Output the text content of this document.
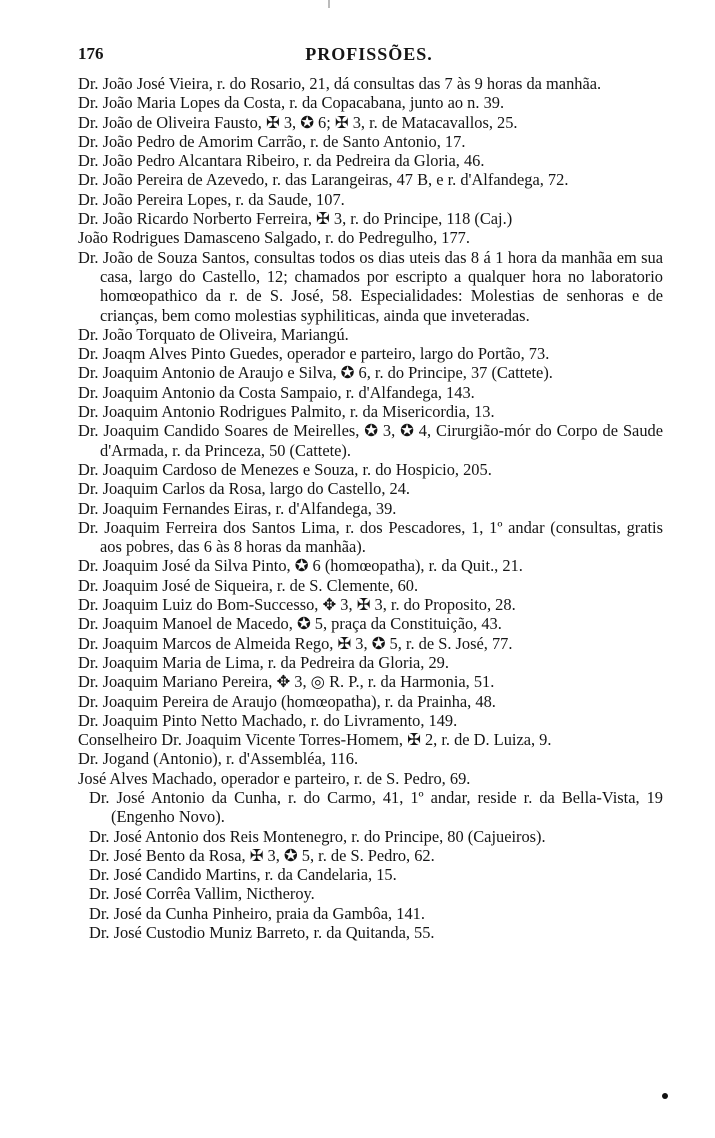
176	PROFISSÕES.
Dr. João José Vieira, r. do Rosario, 21, dá consultas das 7 às 9 horas da manhãa.
Dr. João Maria Lopes da Costa, r. da Copacabana, junto ao n. 39.
Dr. João de Oliveira Fausto, ✠ 3, ✪ 6; ✠ 3, r. de Matacavallos, 25.
Dr. João Pedro de Amorim Carrão, r. de Santo Antonio, 17.
Dr. João Pedro Alcantara Ribeiro, r. da Pedreira da Gloria, 46.
Dr. João Pereira de Azevedo, r. das Larangeiras, 47 B, e r. d'Alfandega, 72.
Dr. João Pereira Lopes, r. da Saude, 107.
Dr. João Ricardo Norberto Ferreira, ✠ 3, r. do Principe, 118 (Caj.)
João Rodrigues Damasceno Salgado, r. do Pedregulho, 177.
Dr. João de Souza Santos, consultas todos os dias uteis das 8 á 1 hora da manhãa em sua casa, largo do Castello, 12; chamados por escripto a qualquer hora no laboratorio homœopathico da r. de S. José, 58. Especialidades: Molestias de senhoras e de crianças, bem como molestias syphiliticas, ainda que inveteradas.
Dr. João Torquato de Oliveira, Mariangú.
Dr. Joaqm Alves Pinto Guedes, operador e parteiro, largo do Portão, 73.
Dr. Joaquim Antonio de Araujo e Silva, ✪ 6, r. do Principe, 37 (Cattete).
Dr. Joaquim Antonio da Costa Sampaio, r. d'Alfandega, 143.
Dr. Joaquim Antonio Rodrigues Palmito, r. da Misericordia, 13.
Dr. Joaquim Candido Soares de Meirelles, ✪ 3, ✪ 4, Cirurgião-mór do Corpo de Saude d'Armada, r. da Princeza, 50 (Cattete).
Dr. Joaquim Cardoso de Menezes e Souza, r. do Hospicio, 205.
Dr. Joaquim Carlos da Rosa, largo do Castello, 24.
Dr. Joaquim Fernandes Eiras, r. d'Alfandega, 39.
Dr. Joaquim Ferreira dos Santos Lima, r. dos Pescadores, 1, 1º andar (consultas, gratis aos pobres, das 6 às 8 horas da manhãa).
Dr. Joaquim José da Silva Pinto, ✪ 6 (homœopatha), r. da Quit., 21.
Dr. Joaquim José de Siqueira, r. de S. Clemente, 60.
Dr. Joaquim Luiz do Bom-Successo, ✥ 3, ✠ 3, r. do Proposito, 28.
Dr. Joaquim Manoel de Macedo, ✪ 5, praça da Constituição, 43.
Dr. Joaquim Marcos de Almeida Rego, ✠ 3, ✪ 5, r. de S. José, 77.
Dr. Joaquim Maria de Lima, r. da Pedreira da Gloria, 29.
Dr. Joaquim Mariano Pereira, ✥ 3, ◎ R. P., r. da Harmonia, 51.
Dr. Joaquim Pereira de Araujo (homœopatha), r. da Prainha, 48.
Dr. Joaquim Pinto Netto Machado, r. do Livramento, 149.
Conselheiro Dr. Joaquim Vicente Torres-Homem, ✠ 2, r. de D. Luiza, 9.
Dr. Jogand (Antonio), r. d'Assembléa, 116.
José Alves Machado, operador e parteiro, r. de S. Pedro, 69.
Dr. José Antonio da Cunha, r. do Carmo, 41, 1º andar, reside r. da Bella-Vista, 19 (Engenho Novo).
Dr. José Antonio dos Reis Montenegro, r. do Principe, 80 (Cajueiros).
Dr. José Bento da Rosa, ✠ 3, ✪ 5, r. de S. Pedro, 62.
Dr. José Candido Martins, r. da Candelaria, 15.
Dr. José Corrêa Vallim, Nictheroy.
Dr. José da Cunha Pinheiro, praia da Gambôa, 141.
Dr. José Custodio Muniz Barreto, r. da Quitanda, 55.
